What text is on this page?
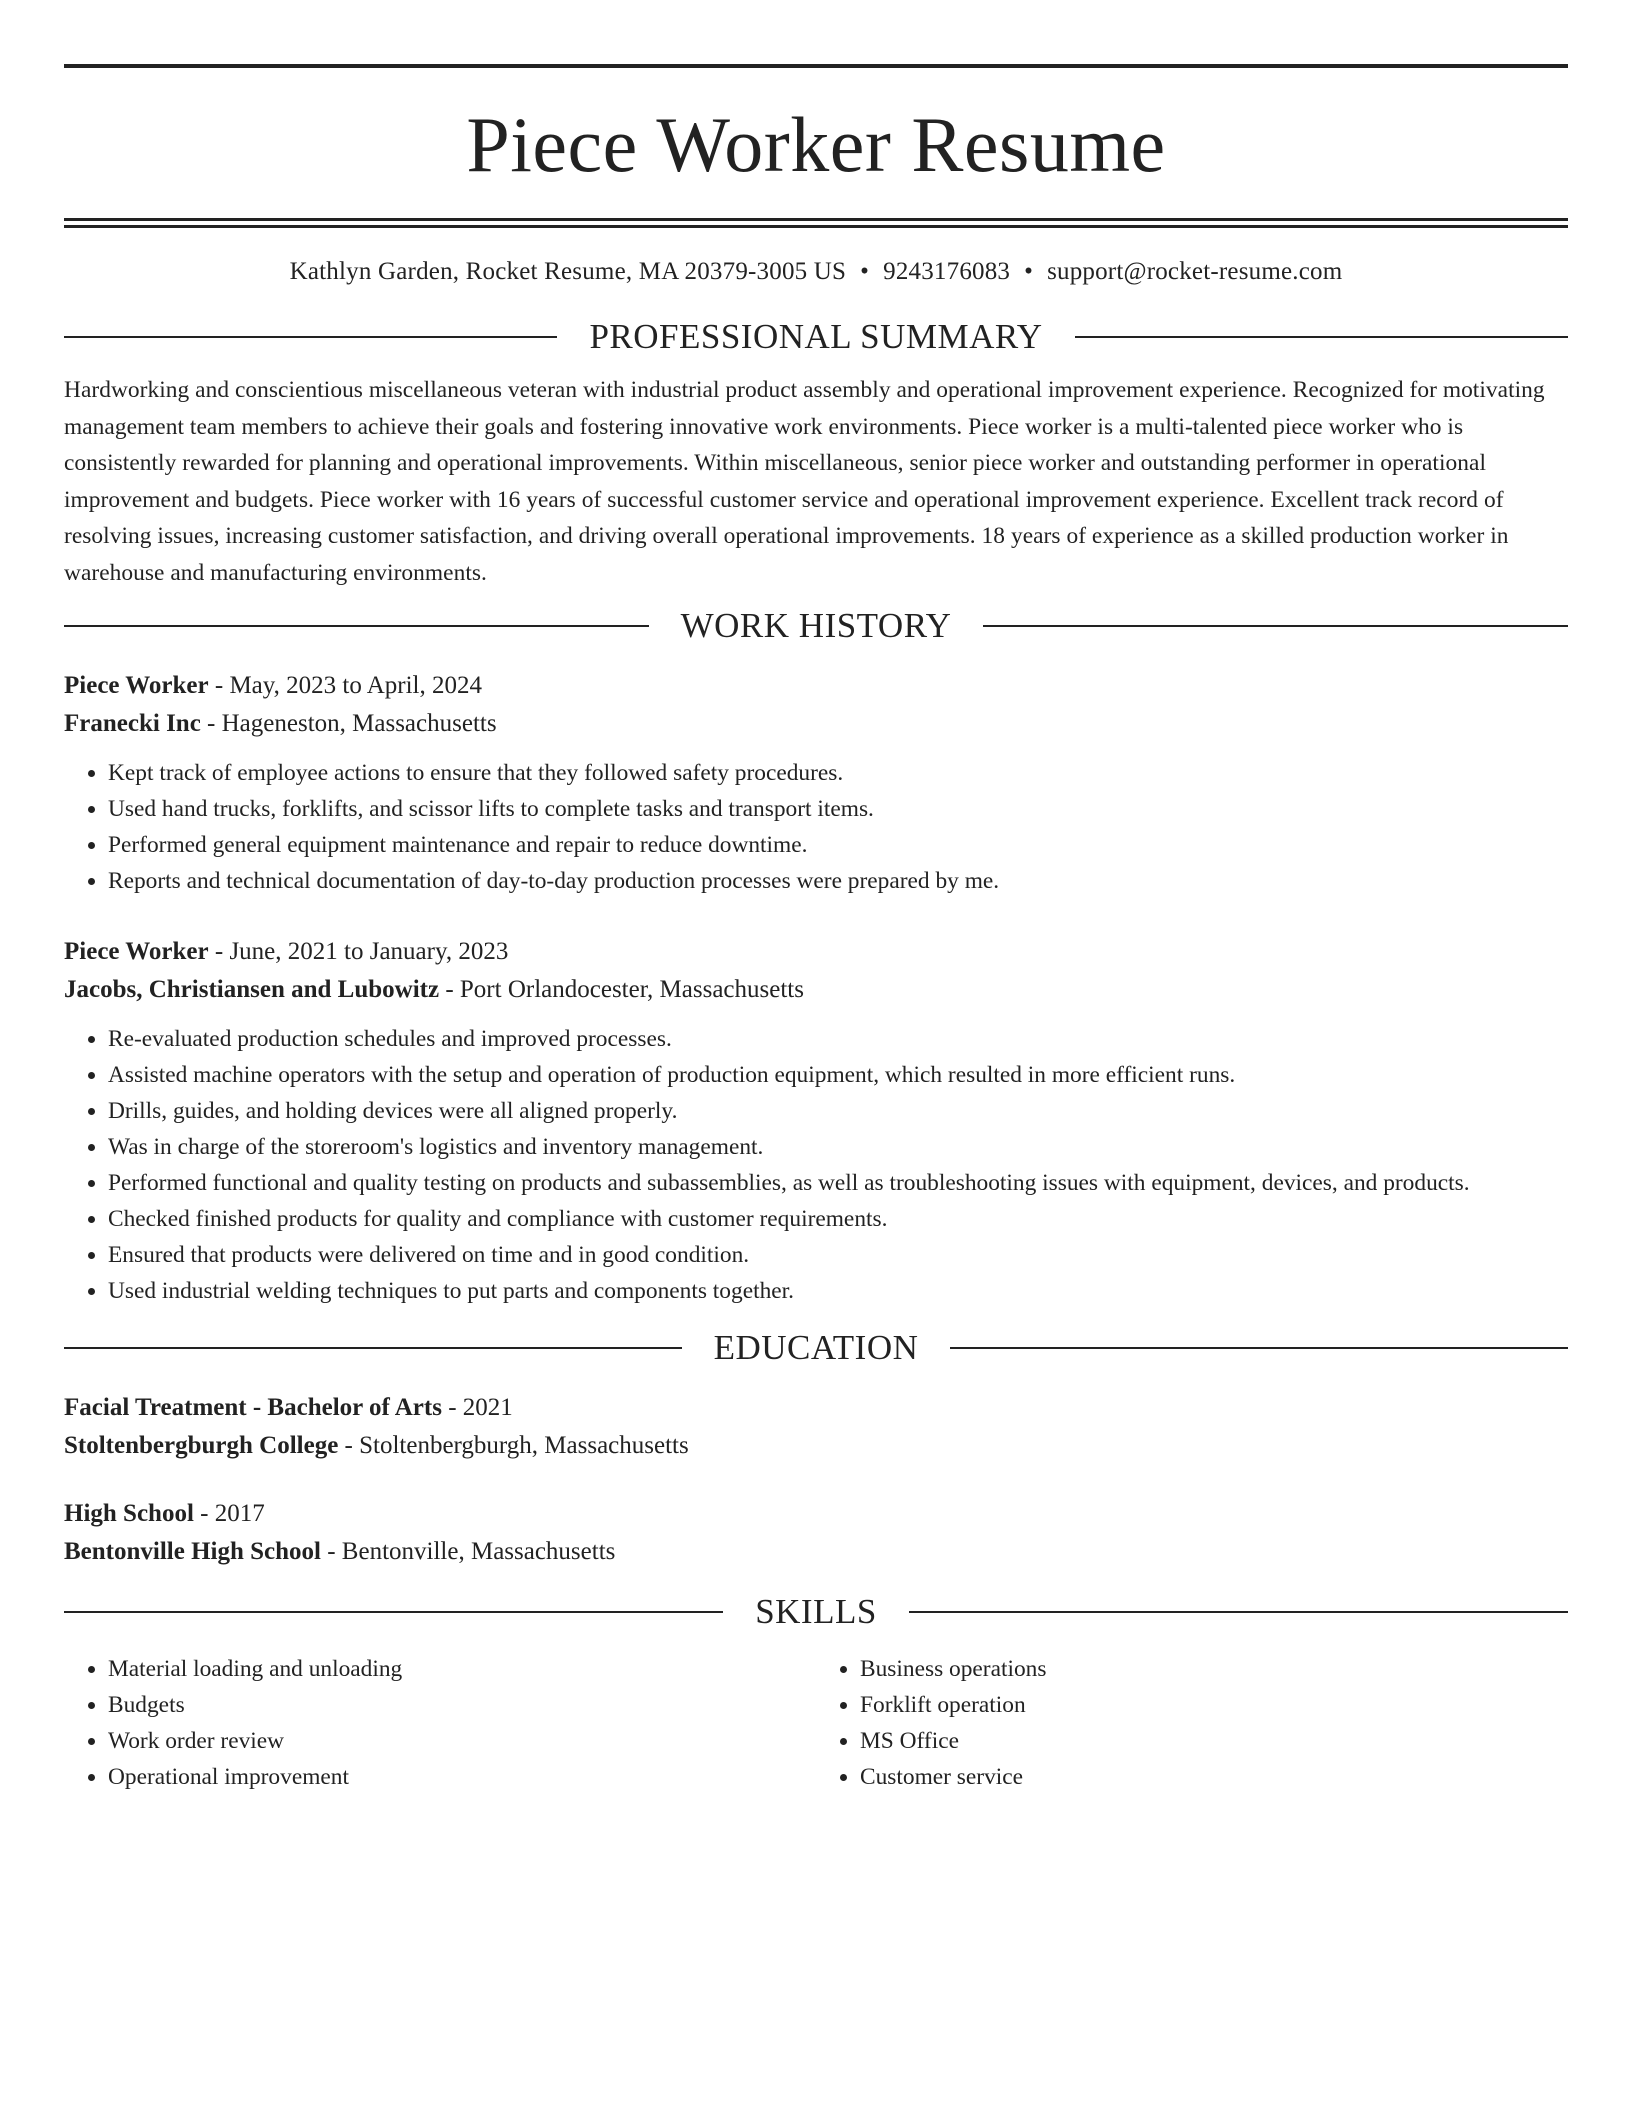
Piece Worker Resume
Kathlyn Garden, Rocket Resume, MA 20379-3005 US • 9243176083 • support@rocket-resume.com
PROFESSIONAL SUMMARY

Hardworking and conscientious miscellaneous veteran with industrial product assembly and operational improvement experience. Recognized for motivating management team members to achieve their goals and fostering innovative work environments. Piece worker is a multi-talented piece worker who is consistently rewarded for planning and operational improvements. Within miscellaneous, senior piece worker and outstanding performer in operational improvement and budgets. Piece worker with 16 years of successful customer service and operational improvement experience. Excellent track record of resolving issues, increasing customer satisfaction, and driving overall operational improvements. 18 years of experience as a skilled production worker in warehouse and manufacturing environments.

WORK HISTORY
Piece Worker - May, 2023 to April, 2024
Franecki Inc - Hageneston, Massachusetts
• Kept track of employee actions to ensure that they followed safety procedures.
• Used hand trucks, forklifts, and scissor lifts to complete tasks and transport items.
• Performed general equipment maintenance and repair to reduce downtime.
• Reports and technical documentation of day-to-day production processes were prepared by me.
Piece Worker - June, 2021 to January, 2023
Jacobs, Christiansen and Lubowitz - Port Orlandocester, Massachusetts
• Re-evaluated production schedules and improved processes.
• Assisted machine operators with the setup and operation of production equipment, which resulted in more efficient runs.
• Drills, guides, and holding devices were all aligned properly.
• Was in charge of the storeroom's logistics and inventory management.
• Performed functional and quality testing on products and subassemblies, as well as troubleshooting issues with equipment, devices, and products.
• Checked finished products for quality and compliance with customer requirements.
• Ensured that products were delivered on time and in good condition.
• Used industrial welding techniques to put parts and components together.
EDUCATION
Facial Treatment - Bachelor of Arts - 2021
Stoltenbergburgh College - Stoltenbergburgh, Massachusetts
High School - 2017
Bentonville High School - Bentonville, Massachusetts
SKILLS
• Material loading and unloading
• Budgets
• Work order review
• Operational improvement
• Business operations
• Forklift operation
• MS Office
• Customer service
